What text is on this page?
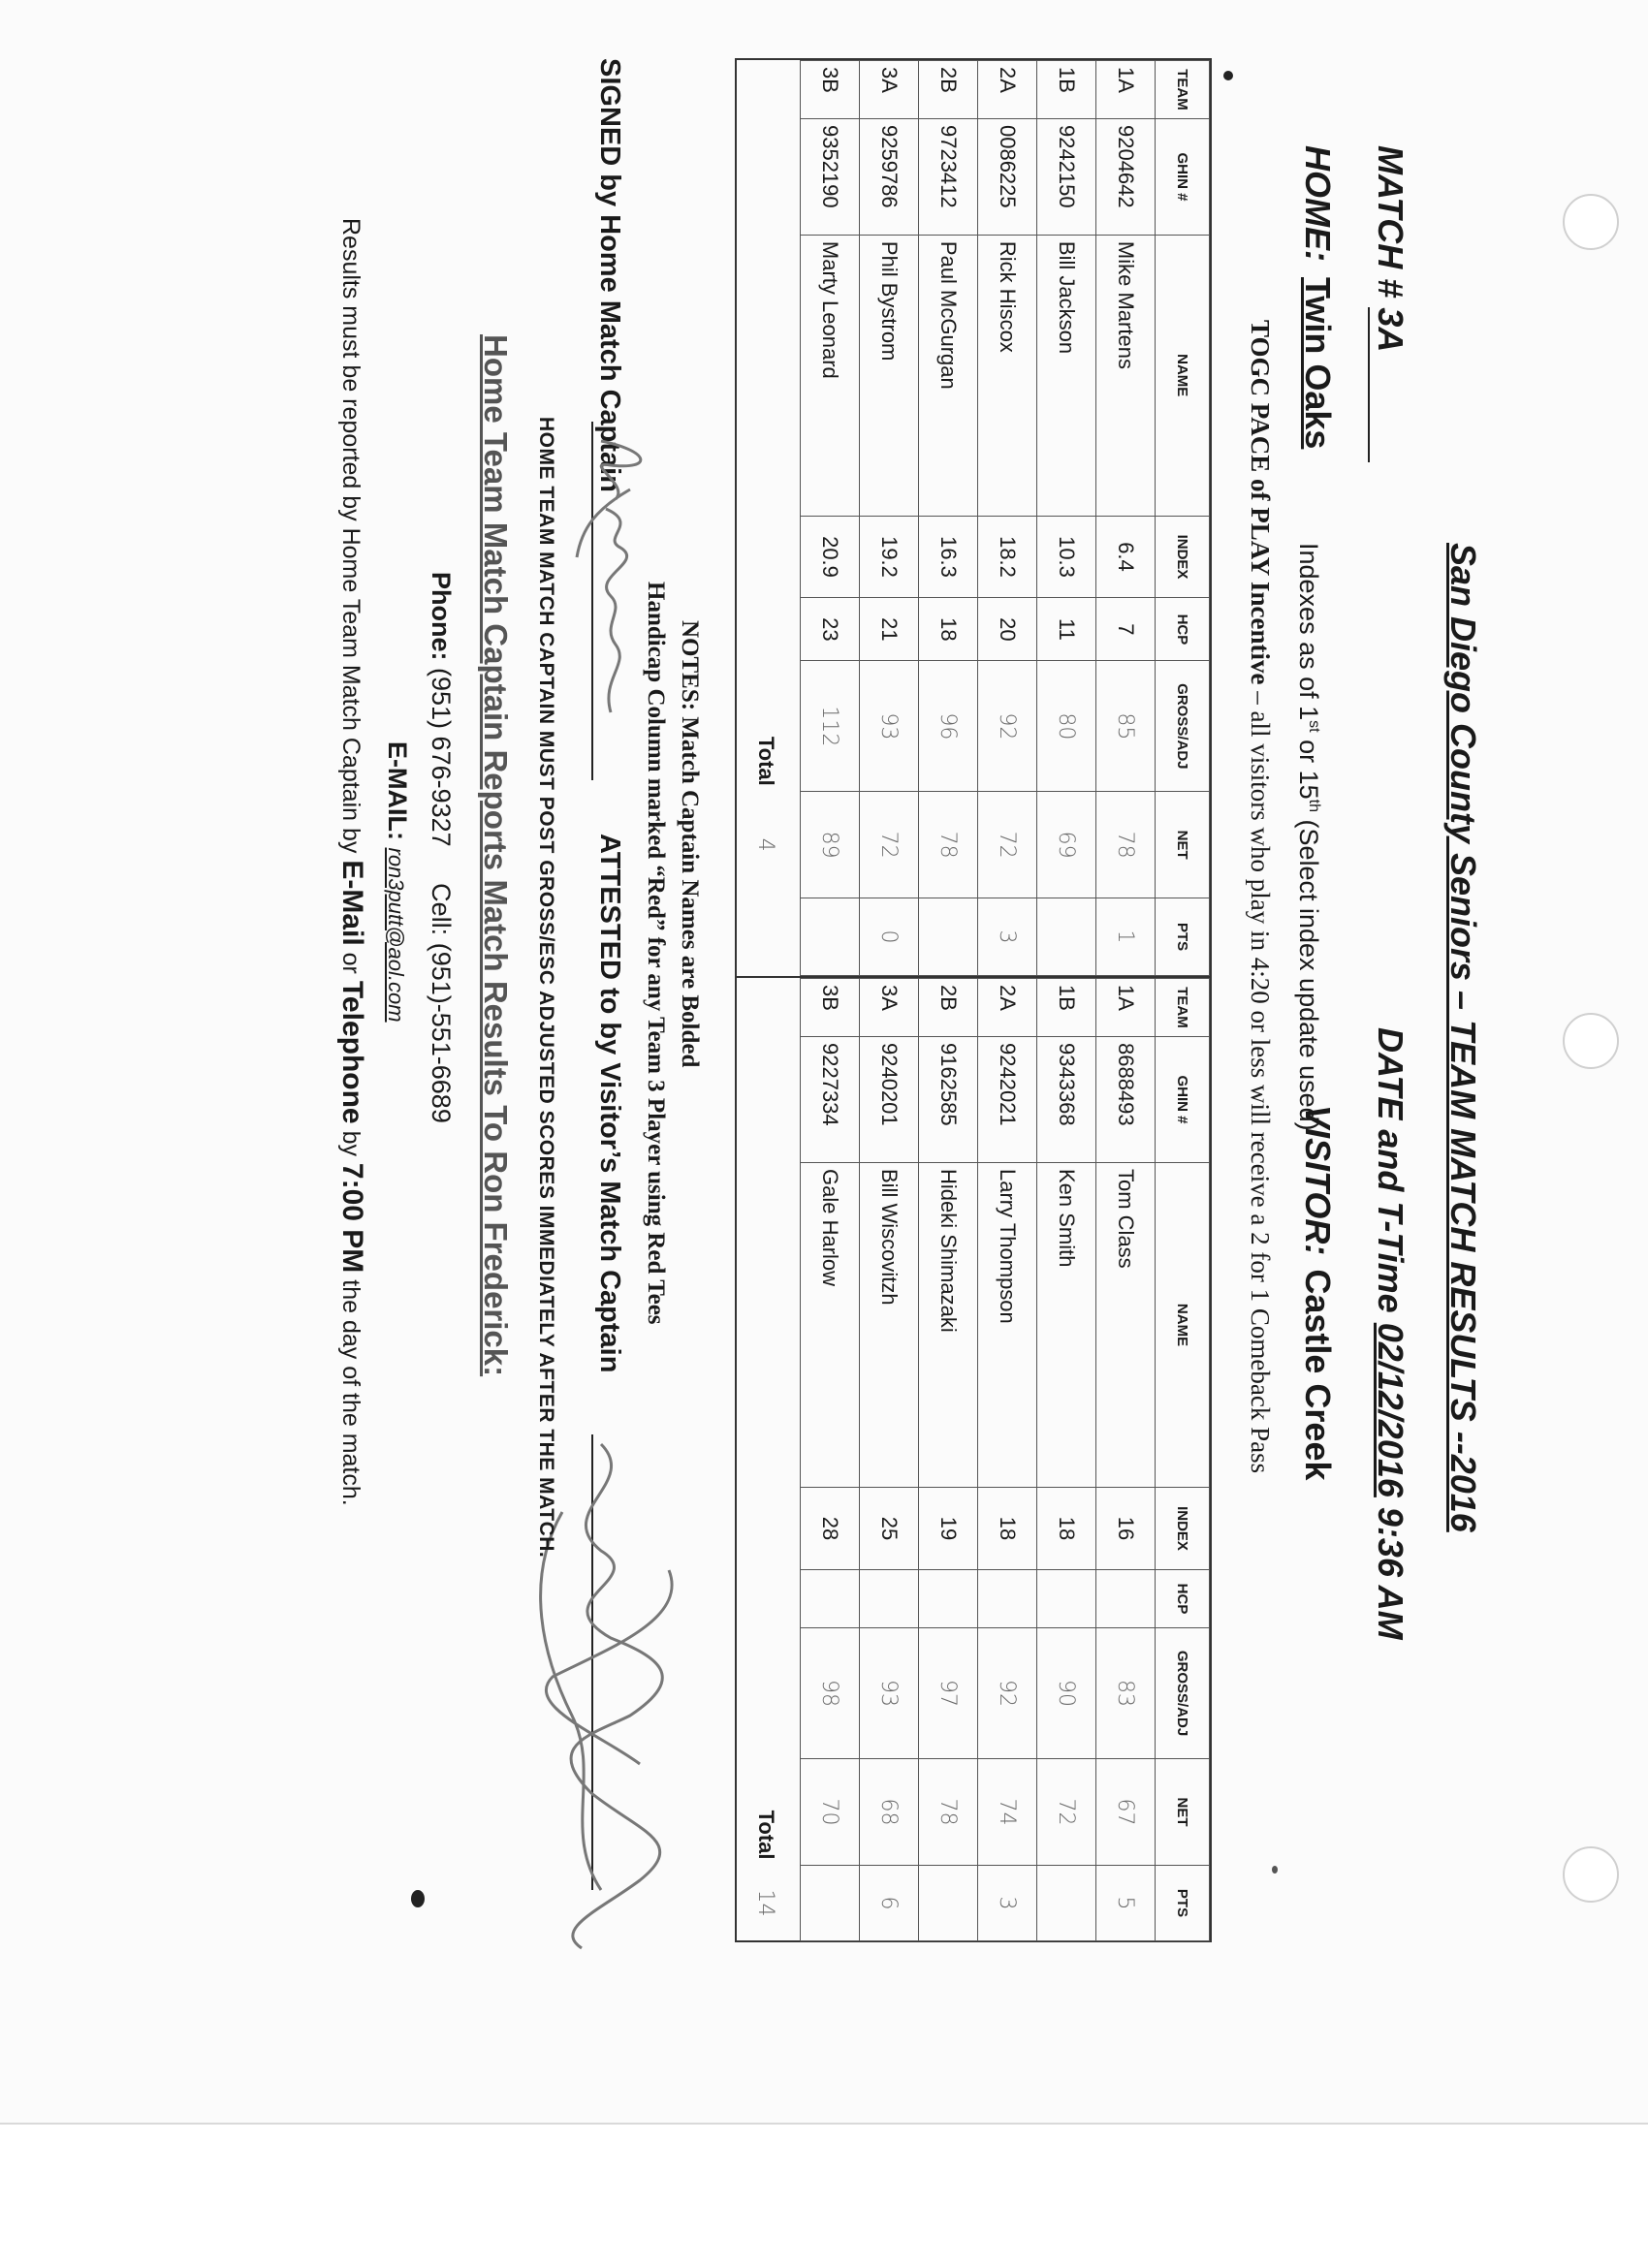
San Diego County Seniors – TEAM MATCH RESULTS --2016
MATCH # 3A
DATE and T-Time 02/12/2016 9:36 AM
HOME:Twin Oaks
Indexes as of 1st or 15th (Select index update used)
VISITOR:Castle Creek
TOGC PACE of PLAY Incentive – all visitors who play in 4:20 or less will receive a 2 for 1 Comeback Pass
TEAM	GHIN #	NAME	INDEX	HCP	GROSS/ADJ	NET	PTS
1A	9204642	Mike Martens	6.4	7	85	78	1
1B	9242150	Bill Jackson	10.3	11	80	69	
2A	0086225	Rick Hiscox	18.2	20	92	72	3
2B	9723412	Paul McGurgan	16.3	18	96	78	
3A	9259786	Phil Bystrom	19.2	21	93	72	0
3B	9352190	Marty Leonard	20.9	23	112	89	
Total						4	
TEAM	GHIN #	NAME	INDEX	HCP	GROSS/ADJ	NET	PTS
1A	8688493	Tom Class	16		83	67	5
1B	9343368	Ken Smith	18		90	72	
2A	9242021	Larry Thompson	18		92	74	3
2B	9162585	Hideki Shimazaki	19		97	78	
3A	9240201	Bill Wiscovitzh	25		93	68	6
3B	9227334	Gale Harlow	28		98	70	
Total							14
NOTES: Match Captain Names are Bolded
Handicap Column marked “Red” for any Team 3 Player using Red Tees
SIGNED by Home Match Captain
ATTESTED to by Visitor’s Match Captain
HOME TEAM MATCH CAPTAIN MUST POST GROSS/ESC ADJUSTED SCORES IMMEDIATELY AFTER THE MATCH.
Home Team Match Captain Reports Match Results To Ron Frederick:
Phone: (951) 676-9327     Cell: (951)-551-6689
E-MAIL: ron3putt@aol.com
Results must be reported by Home Team Match Captain by E-Mail or Telephone by 7:00 PM the day of the match.
